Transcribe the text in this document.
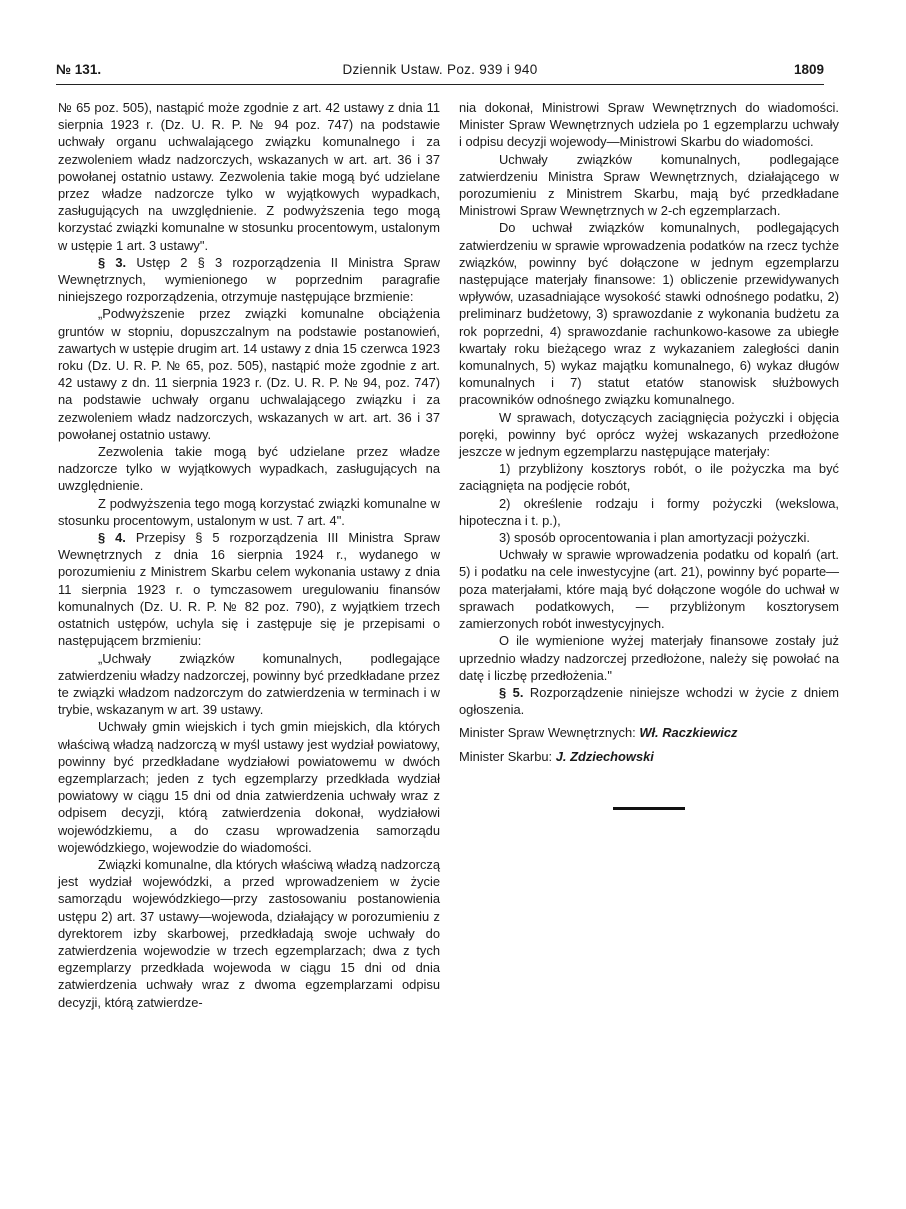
№ 131.	Dziennik Ustaw. Poz. 939 i 940	1809

№ 65 poz. 505), nastąpić może zgodnie z art. 42 ustawy z dnia 11 sierpnia 1923 r. (Dz. U. R. P. № 94 poz. 747) na podstawie uchwały organu uchwalającego związku komunalnego i za zezwoleniem władz nadzorczych, wskazanych w art. art. 36 i 37 powołanej ostatnio ustawy. Zezwolenia takie mogą być udzielane przez władze nadzorcze tylko w wyjątkowych wypadkach, zasługujących na uwzględnienie. Z podwyższenia tego mogą korzystać związki komunalne w stosunku procentowym, ustalonym w ustępie 1 art. 3 ustawy".

§ 3. Ustęp 2 § 3 rozporządzenia II Ministra Spraw Wewnętrznych, wymienionego w poprzednim paragrafie niniejszego rozporządzenia, otrzymuje następujące brzmienie:

„Podwyższenie przez związki komunalne obciążenia gruntów w stopniu, dopuszczalnym na podstawie postanowień, zawartych w ustępie drugim art. 14 ustawy z dnia 15 czerwca 1923 roku (Dz. U. R. P. № 65, poz. 505), nastąpić może zgodnie z art. 42 ustawy z dn. 11 sierpnia 1923 r. (Dz. U. R. P. № 94, poz. 747) na podstawie uchwały organu uchwalającego związku i za zezwoleniem władz nadzorczych, wskazanych w art. art. 36 i 37 powołanej ostatnio ustawy.

Zezwolenia takie mogą być udzielane przez władze nadzorcze tylko w wyjątkowych wypadkach, zasługujących na uwzględnienie.

Z podwyższenia tego mogą korzystać związki komunalne w stosunku procentowym, ustalonym w ust. 7 art. 4".

§ 4. Przepisy § 5 rozporządzenia III Ministra Spraw Wewnętrznych z dnia 16 sierpnia 1924 r., wydanego w porozumieniu z Ministrem Skarbu celem wykonania ustawy z dnia 11 sierpnia 1923 r. o tymczasowem uregulowaniu finansów komunalnych (Dz. U. R. P. № 82 poz. 790), z wyjątkiem trzech ostatnich ustępów, uchyla się i zastępuje się je przepisami o następującem brzmieniu:

„Uchwały związków komunalnych, podlegające zatwierdzeniu władzy nadzorczej, powinny być przedkładane przez te związki władzom nadzorczym do zatwierdzenia w terminach i w trybie, wskazanym w art. 39 ustawy.

Uchwały gmin wiejskich i tych gmin miejskich, dla których właściwą władzą nadzorczą w myśl ustawy jest wydział powiatowy, powinny być przedkładane wydziałowi powiatowemu w dwóch egzemplarzach; jeden z tych egzemplarzy przedkłada wydział powiatowy w ciągu 15 dni od dnia zatwierdzenia uchwały wraz z odpisem decyzji, którą zatwierdzenia dokonał, wydziałowi wojewódzkiemu, a do czasu wprowadzenia samorządu wojewódzkiego, wojewodzie do wiadomości.

Związki komunalne, dla których właściwą władzą nadzorczą jest wydział wojewódzki, a przed wprowadzeniem w życie samorządu wojewódzkiego—przy zastosowaniu postanowienia ustępu 2) art. 37 ustawy—wojewoda, działający w porozumieniu z dyrektorem izby skarbowej, przedkładają swoje uchwały do zatwierdzenia wojewodzie w trzech egzemplarzach; dwa z tych egzemplarzy przedkłada wojewoda w ciągu 15 dni od dnia zatwierdzenia uchwały wraz z dwoma egzemplarzami odpisu decyzji, którą zatwierdze-

nia dokonał, Ministrowi Spraw Wewnętrznych do wiadomości. Minister Spraw Wewnętrznych udziela po 1 egzemplarzu uchwały i odpisu decyzji wojewody—Ministrowi Skarbu do wiadomości.

Uchwały związków komunalnych, podlegające zatwierdzeniu Ministra Spraw Wewnętrznych, działającego w porozumieniu z Ministrem Skarbu, mają być przedkładane Ministrowi Spraw Wewnętrznych w 2-ch egzemplarzach.

Do uchwał związków komunalnych, podlegających zatwierdzeniu w sprawie wprowadzenia podatków na rzecz tychże związków, powinny być dołączone w jednym egzemplarzu następujące materjały finansowe: 1) obliczenie przewidywanych wpływów, uzasadniające wysokość stawki odnośnego podatku, 2) preliminarz budżetowy, 3) sprawozdanie z wykonania budżetu za rok poprzedni, 4) sprawozdanie rachunkowo-kasowe za ubiegłe kwartały roku bieżącego wraz z wykazaniem zaległości danin komunalnych, 5) wykaz majątku komunalnego, 6) wykaz długów komunalnych i 7) statut etatów stanowisk służbowych pracowników odnośnego związku komunalnego.

W sprawach, dotyczących zaciągnięcia pożyczki i objęcia poręki, powinny być oprócz wyżej wskazanych przedłożone jeszcze w jednym egzemplarzu następujące materjały:

1) przybliżony kosztorys robót, o ile pożyczka ma być zaciągnięta na podjęcie robót,

2) określenie rodzaju i formy pożyczki (wekslowa, hipoteczna i t. p.),

3) sposób oprocentowania i plan amortyzacji pożyczki.

Uchwały w sprawie wprowadzenia podatku od kopalń (art. 5) i podatku na cele inwestycyjne (art. 21), powinny być poparte—poza materjałami, które mają być dołączone wogóle do uchwał w sprawach podatkowych, — przybliżonym kosztorysem zamierzonych robót inwestycyjnych.

O ile wymienione wyżej materjały finansowe zostały już uprzednio władzy nadzorczej przedłożone, należy się powołać na datę i liczbę przedłożenia."

§ 5. Rozporządzenie niniejsze wchodzi w życie z dniem ogłoszenia.

Minister Spraw Wewnętrznych: Wł. Raczkiewicz

Minister Skarbu: J. Zdziechowski
